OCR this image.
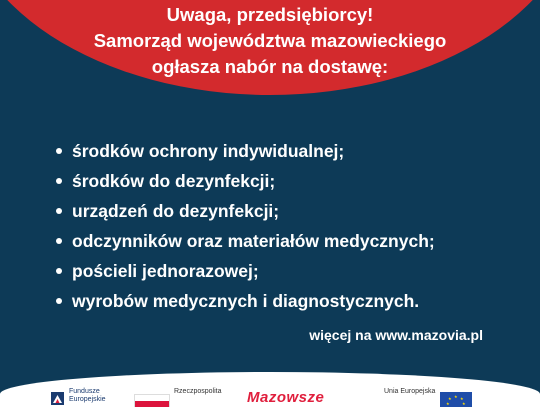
Uwaga, przedsiębiorcy!
Samorząd województwa mazowieckiego
ogłasza nabór na dostawę:
środków ochrony indywidualnej;
środków do dezynfekcji;
urządzeń do dezynfekcji;
odczynników oraz materiałów medycznych;
pościeli jednorazowej;
wyrobów medycznych i diagnostycznych.
więcej na www.mazovia.pl
Fundusze
Europejskie
Rzeczpospolita Mazowsze	Unia Europejska
★
★ ★
★	★
